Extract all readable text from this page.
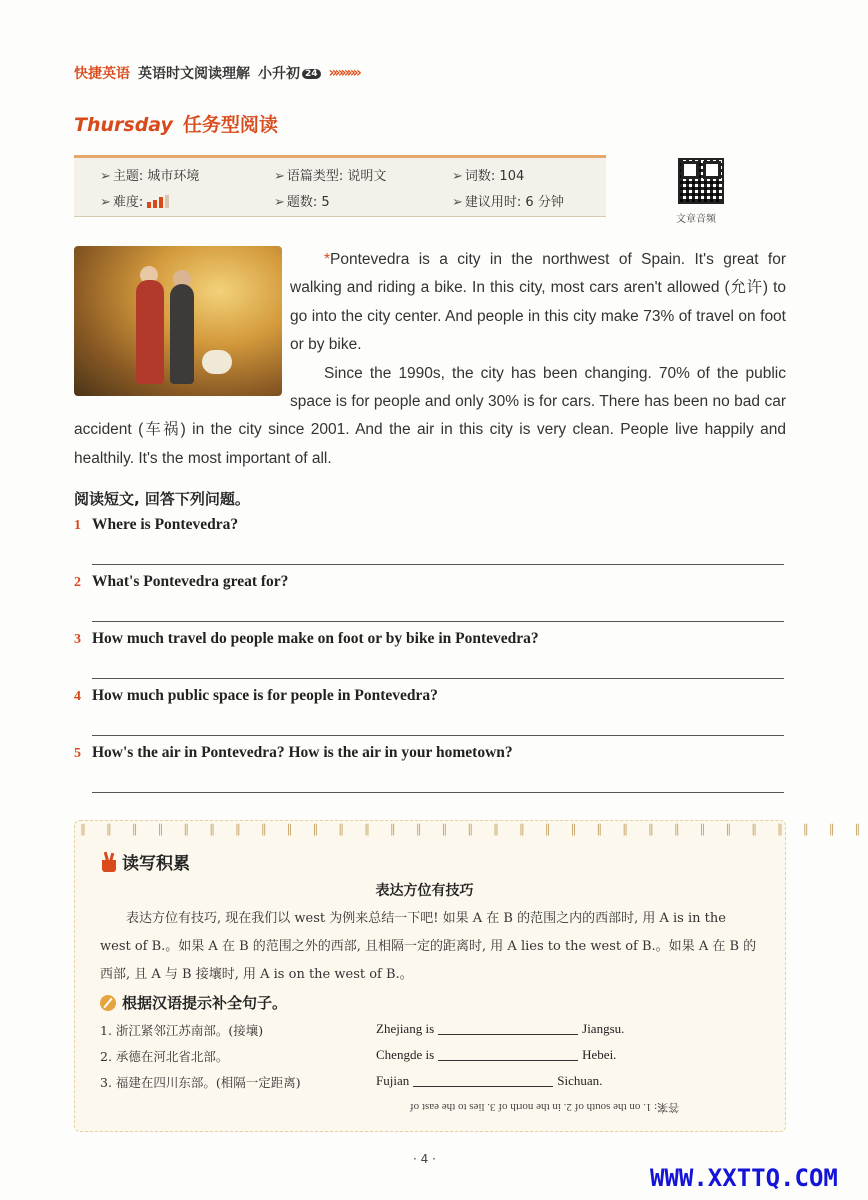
快捷英语 英语时文阅读理解 小升初 24 »»»»»
Thursday 任务型阅读
➢ 主题: 城市环境	➢ 语篇类型: 说明文	➢ 词数: 104
➢ 难度:	➢ 题数: 5	➢ 建议用时: 6 分钟
文章音频

*Pontevedra is a city in the northwest of Spain. It's great for walking and riding a bike. In this city, most cars aren't allowed (允许) to go into the city center. And people in this city make 73% of travel on foot or by bike.

Since the 1990s, the city has been changing. 70% of the public space is for people and only 30% is for cars. There has been no bad car accident (车祸) in the city since 2001. And the air in this city is very clean. People live happily and healthily. It's the most important of all.

阅读短文, 回答下列问题。
1 Where is Pontevedra?
2 What's Pontevedra great for?
3 How much travel do people make on foot or by bike in Pontevedra?
4 How much public space is for people in Pontevedra?
5 How's the air in Pontevedra? How is the air in your hometown?
∥ ∥ ∥ ∥ ∥ ∥ ∥ ∥ ∥ ∥ ∥ ∥ ∥ ∥ ∥ ∥ ∥ ∥ ∥ ∥ ∥ ∥ ∥ ∥ ∥ ∥ ∥ ∥ ∥ ∥ ∥
读写积累
表达方位有技巧
表达方位有技巧, 现在我们以 west 为例来总结一下吧! 如果 A 在 B 的范围之内的西部时, 用 A is in the west of B.。如果 A 在 B 的范围之外的西部, 且相隔一定的距离时, 用 A lies to the west of B.。如果 A 在 B 的西部, 且 A 与 B 接壤时, 用 A is on the west of B.。
根据汉语提示补全句子。
1. 浙江紧邻江苏南部。(接壤)	Zhejiang is	Jiangsu.
2. 承德在河北省北部。	Chengde is	Hebei.
3. 福建在四川东部。(相隔一定距离)	Fujian	Sichuan.
答案: 1. on the south of 2. in the north of 3. lies to the east of
· 4 ·
WWW.XXTTQ.COM
